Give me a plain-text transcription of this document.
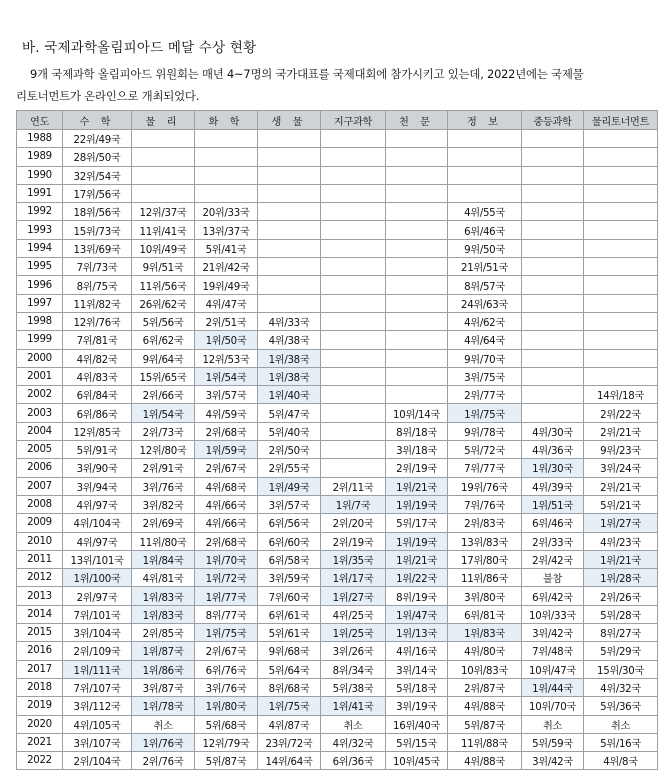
바. 국제과학올림피아드 메달 수상 현황
9개 국제과학 올림피아드 위원회는 매년 4~7명의 국가대표를 국제대회에 참가시키고 있는데, 2022년에는 국제물
리토너먼트가 온라인으로 개최되었다.
연도	수 학	물 리	화 학	생 물	지구과학	천 문	정 보	중등과학	물리토너먼트
1988	22위/49국								
1989	28위/50국								
1990	32위/54국								
1991	17위/56국								
1992	18위/56국	12위/37국	20위/33국				4위/55국		
1993	15위/73국	11위/41국	13위/37국				6위/46국		
1994	13위/69국	10위/49국	5위/41국				9위/50국		
1995	7위/73국	9위/51국	21위/42국				21위/51국		
1996	8위/75국	11위/56국	19위/49국				8위/57국		
1997	11위/82국	26위/62국	4위/47국				24위/63국		
1998	12위/76국	5위/56국	2위/51국	4위/33국			4위/62국		
1999	7위/81국	6위/62국	1위/50국	4위/38국			4위/64국		
2000	4위/82국	9위/64국	12위/53국	1위/38국			9위/70국		
2001	4위/83국	15위/65국	1위/54국	1위/38국			3위/75국		
2002	6위/84국	2위/66국	3위/57국	1위/40국			2위/77국		14위/18국
2003	6위/86국	1위/54국	4위/59국	5위/47국		10위/14국	1위/75국		2위/22국
2004	12위/85국	2위/73국	2위/68국	5위/40국		8위/18국	9위/78국	4위/30국	2위/21국
2005	5위/91국	12위/80국	1위/59국	2위/50국		3위/18국	5위/72국	4위/36국	9위/23국
2006	3위/90국	2위/91국	2위/67국	2위/55국		2위/19국	7위/77국	1위/30국	3위/24국
2007	3위/94국	3위/76국	4위/68국	1위/49국	2위/11국	1위/21국	19위/76국	4위/39국	2위/21국
2008	4위/97국	3위/82국	4위/66국	3위/57국	1위/7국	1위/19국	7위/76국	1위/51국	5위/21국
2009	4위/104국	2위/69국	4위/66국	6위/56국	2위/20국	5위/17국	2위/83국	6위/46국	1위/27국
2010	4위/97국	11위/80국	2위/68국	6위/60국	2위/19국	1위/19국	13위/83국	2위/33국	4위/23국
2011	13위/101국	1위/84국	1위/70국	6위/58국	1위/35국	1위/21국	17위/80국	2위/42국	1위/21국
2012	1위/100국	4위/81국	1위/72국	3위/59국	1위/17국	1위/22국	11위/86국	불참	1위/28국
2013	2위/97국	1위/83국	1위/77국	7위/60국	1위/27국	8위/19국	3위/80국	6위/42국	2위/26국
2014	7위/101국	1위/83국	8위/77국	6위/61국	4위/25국	1위/47국	6위/81국	10위/33국	5위/28국
2015	3위/104국	2위/85국	1위/75국	5위/61국	1위/25국	1위/13국	1위/83국	3위/42국	8위/27국
2016	2위/109국	1위/87국	2위/67국	9위/68국	3위/26국	4위/16국	4위/80국	7위/48국	5위/29국
2017	1위/111국	1위/86국	6위/76국	5위/64국	8위/34국	3위/14국	10위/83국	10위/47국	15위/30국
2018	7위/107국	3위/87국	3위/76국	8위/68국	5위/38국	5위/18국	2위/87국	1위/44국	4위/32국
2019	3위/112국	1위/78국	1위/80국	1위/75국	1위/41국	3위/19국	4위/88국	10위/70국	5위/36국
2020	4위/105국	취소	5위/68국	4위/87국	취소	16위/40국	5위/87국	취소	취소
2021	3위/107국	1위/76국	12위/79국	23위/72국	4위/32국	5위/15국	11위/88국	5위/59국	5위/16국
2022	2위/104국	2위/76국	5위/87국	14위/64국	6위/36국	10위/45국	4위/88국	3위/42국	4위/8국
